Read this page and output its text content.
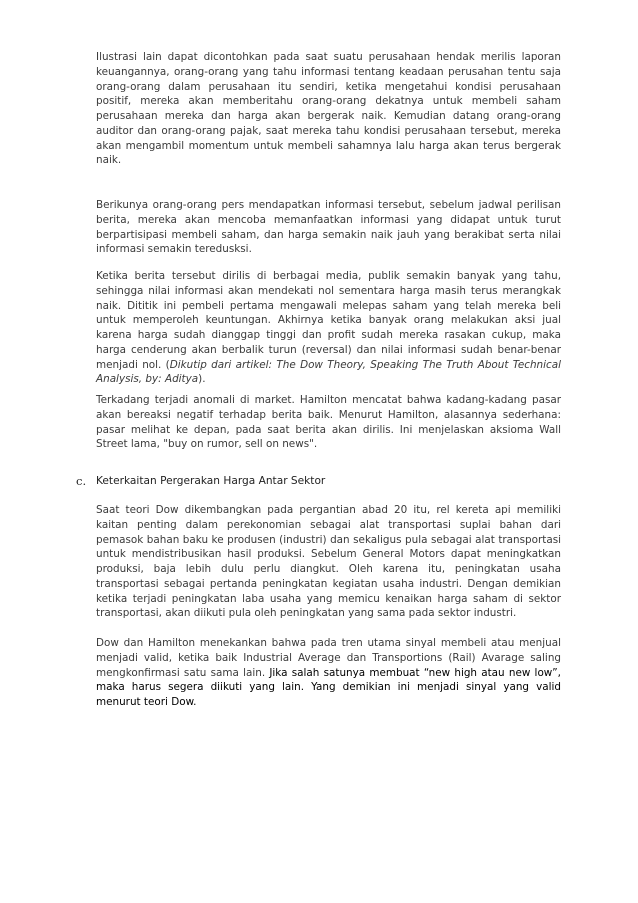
Ilustrasi lain dapat dicontohkan pada saat suatu perusahaan hendak merilis laporan keuangannya, orang-orang yang tahu informasi tentang keadaan perusahan tentu saja orang-orang dalam perusahaan itu sendiri, ketika mengetahui kondisi perusahaan positif, mereka akan memberitahu orang-orang dekatnya untuk membeli saham perusahaan mereka dan harga akan bergerak naik. Kemudian datang orang-orang auditor dan orang-orang pajak, saat mereka tahu kondisi perusahaan tersebut, mereka akan mengambil momentum untuk membeli sahamnya lalu harga akan terus bergerak naik.

Berikunya orang-orang pers mendapatkan informasi tersebut, sebelum jadwal perilisan berita, mereka akan mencoba memanfaatkan informasi yang didapat untuk turut berpartisipasi membeli saham, dan harga semakin naik jauh yang berakibat serta nilai informasi semakin teredusksi.

Ketika berita tersebut dirilis di berbagai media, publik semakin banyak yang tahu, sehingga nilai informasi akan mendekati nol sementara harga masih terus merangkak naik. Dititik ini pembeli pertama mengawali melepas saham yang telah mereka beli untuk memperoleh keuntungan. Akhirnya ketika banyak orang melakukan aksi jual karena harga sudah dianggap tinggi dan profit sudah mereka rasakan cukup, maka harga cenderung akan berbalik turun (reversal) dan nilai informasi sudah benar-benar menjadi nol. (Dikutip dari artikel: The Dow Theory, Speaking The Truth About Technical Analysis, by: Aditya).

Terkadang terjadi anomali di market. Hamilton mencatat bahwa kadang-kadang pasar akan bereaksi negatif terhadap berita baik. Menurut Hamilton, alasannya sederhana: pasar melihat ke depan, pada saat berita akan dirilis. Ini menjelaskan aksioma Wall Street lama, "buy on rumor, sell on news".

c. Keterkaitan Pergerakan Harga Antar Sektor

Saat teori Dow dikembangkan pada pergantian abad 20 itu, rel kereta api memiliki kaitan penting dalam perekonomian sebagai alat transportasi suplai bahan dari pemasok bahan baku ke produsen (industri) dan sekaligus pula sebagai alat transportasi untuk mendistribusikan hasil produksi. Sebelum General Motors dapat meningkatkan produksi, baja lebih dulu perlu diangkut. Oleh karena itu, peningkatan usaha transportasi sebagai pertanda peningkatan kegiatan usaha industri. Dengan demikian ketika terjadi peningkatan laba usaha yang memicu kenaikan harga saham di sektor transportasi, akan diikuti pula oleh peningkatan yang sama pada sektor industri.

Dow dan Hamilton menekankan bahwa pada tren utama sinyal membeli atau menjual menjadi valid, ketika baik Industrial Average dan Transportions (Rail) Avarage saling mengkonfirmasi satu sama lain. Jika salah satunya membuat “new high atau new low”, maka harus segera diikuti yang lain. Yang demikian ini menjadi sinyal yang valid menurut teori Dow.
